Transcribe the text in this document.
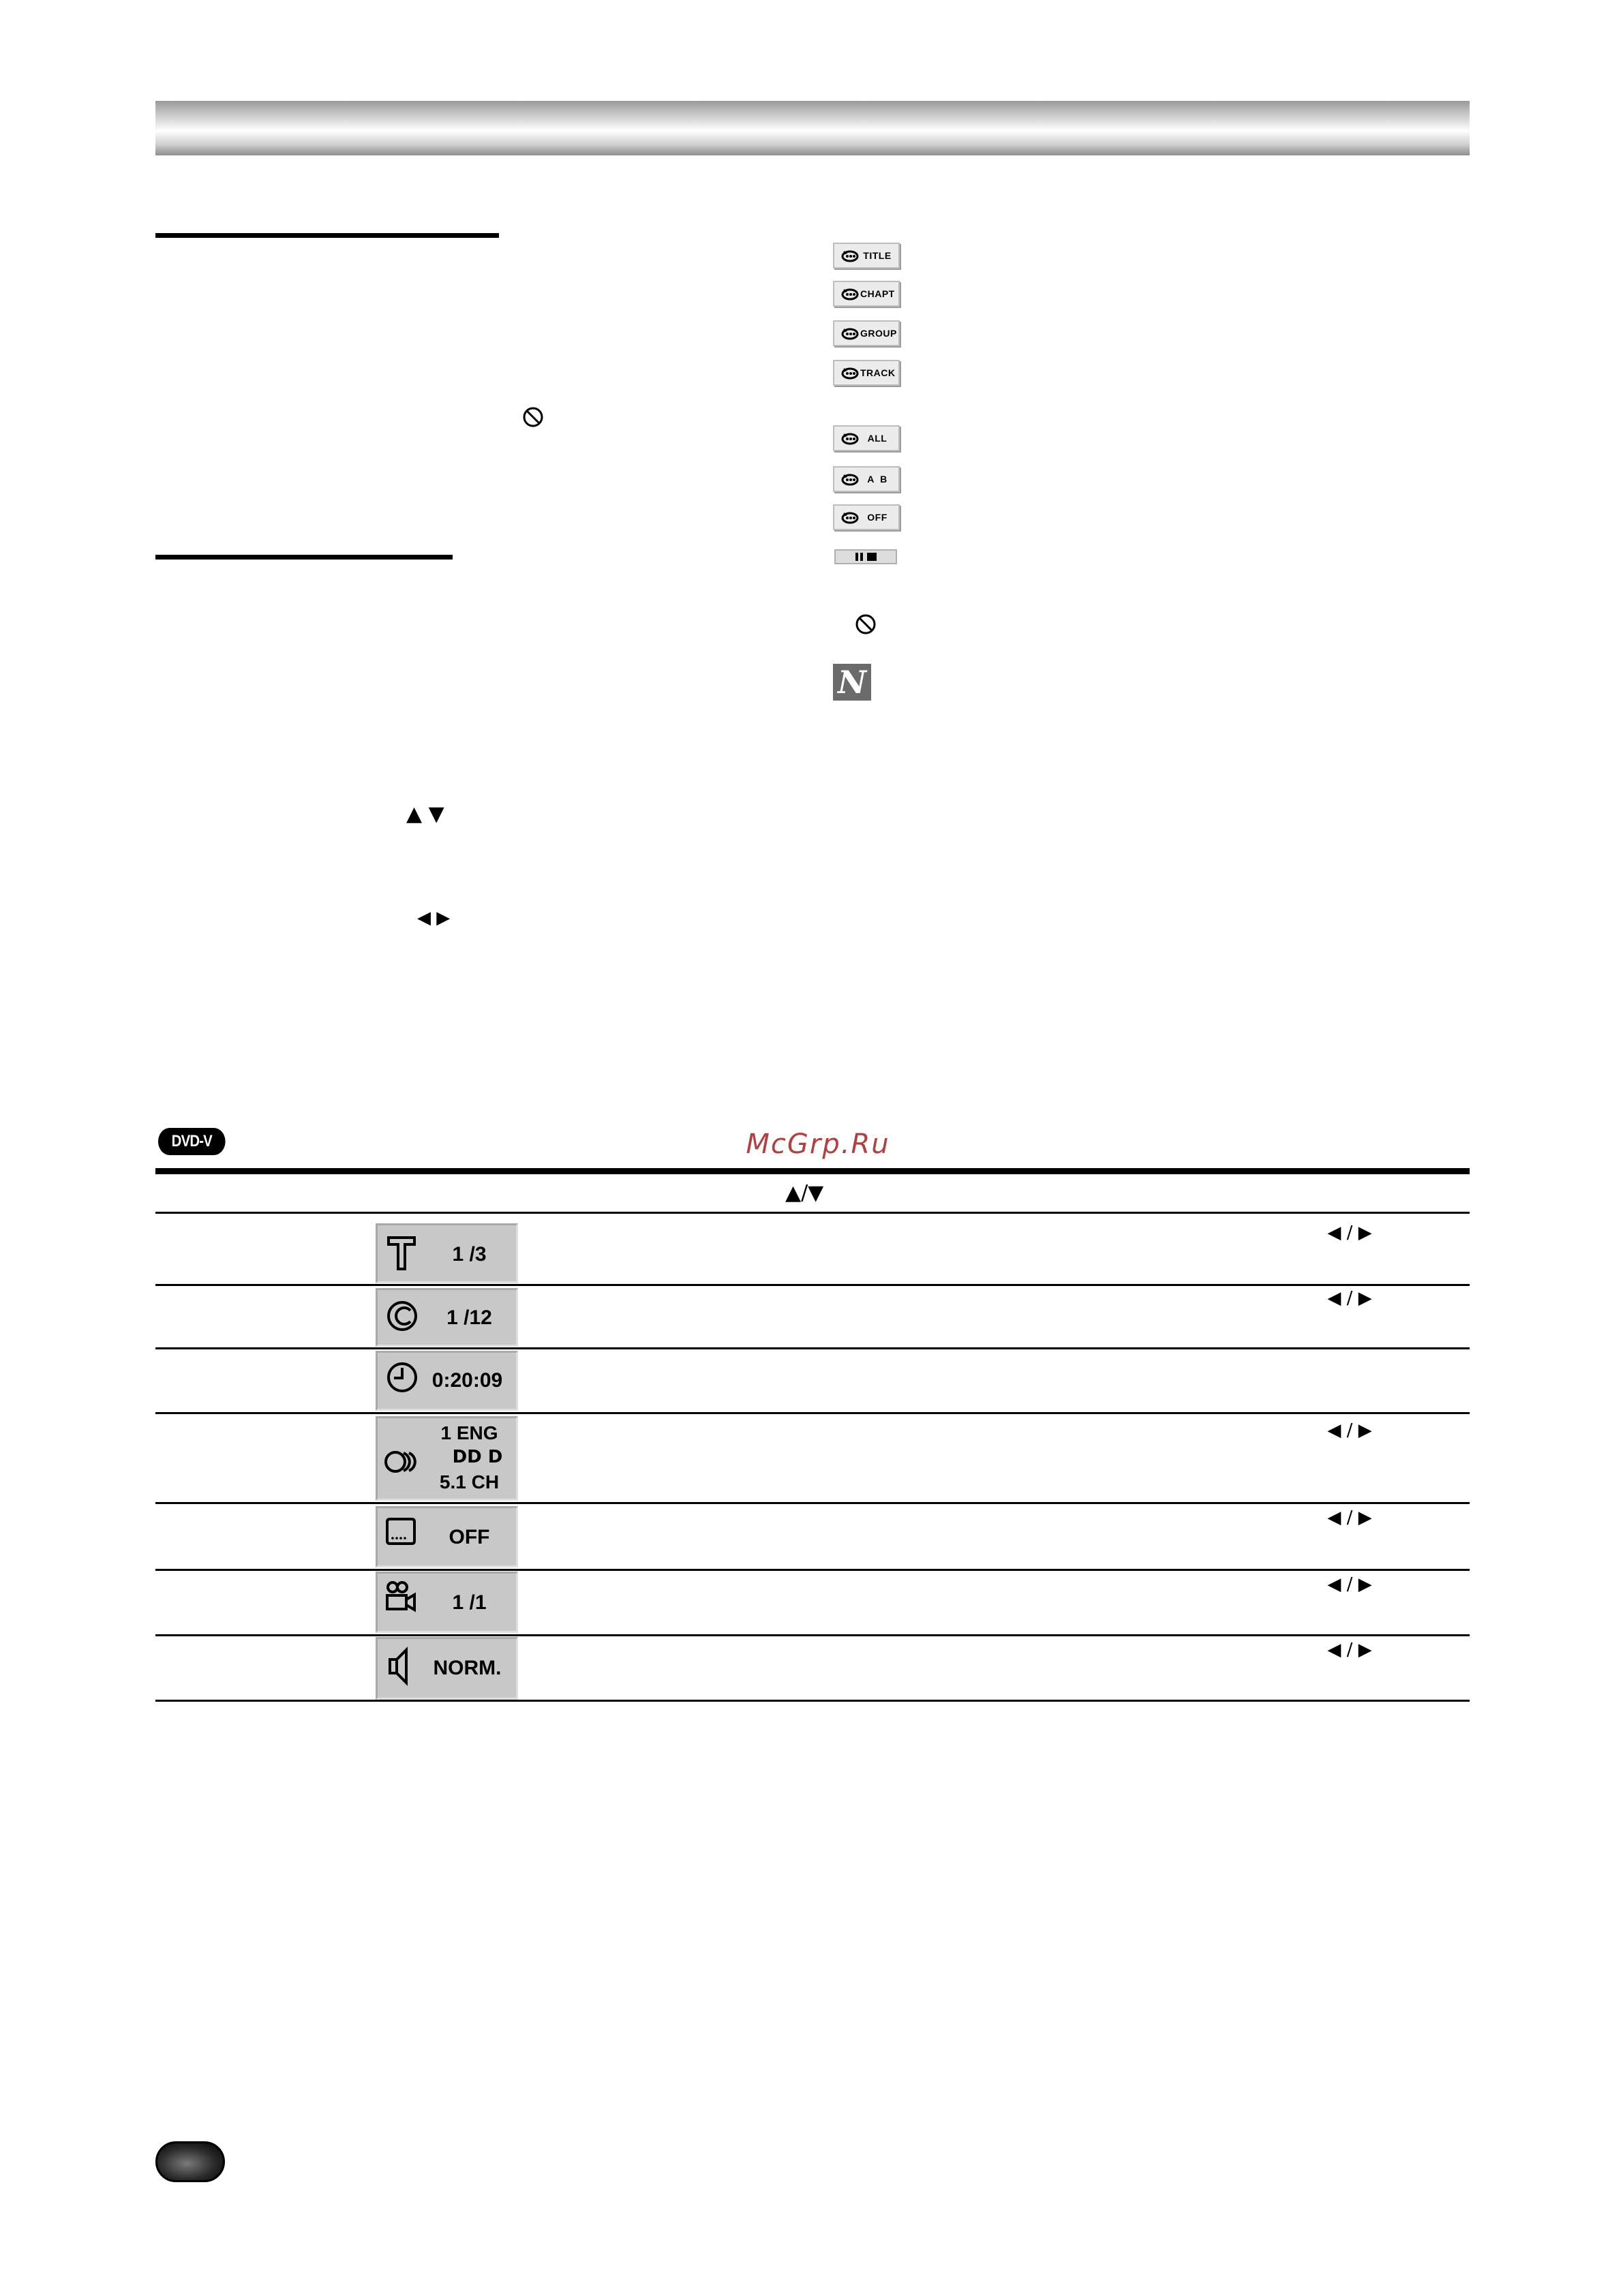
▲ ▼
◀ ▶
TITLE
CHAPT
GROUP
TRACK
ALL
A  B
OFF
N
DVD-V	McGrp.Ru
▲/▼
1 /3
◀ / ▶
1 /12
◀ / ▶
0:20:09
1 ENG
DD D
5.1 CH
◀ / ▶
OFF
◀ / ▶
1 /1
◀ / ▶
NORM.
◀ / ▶
